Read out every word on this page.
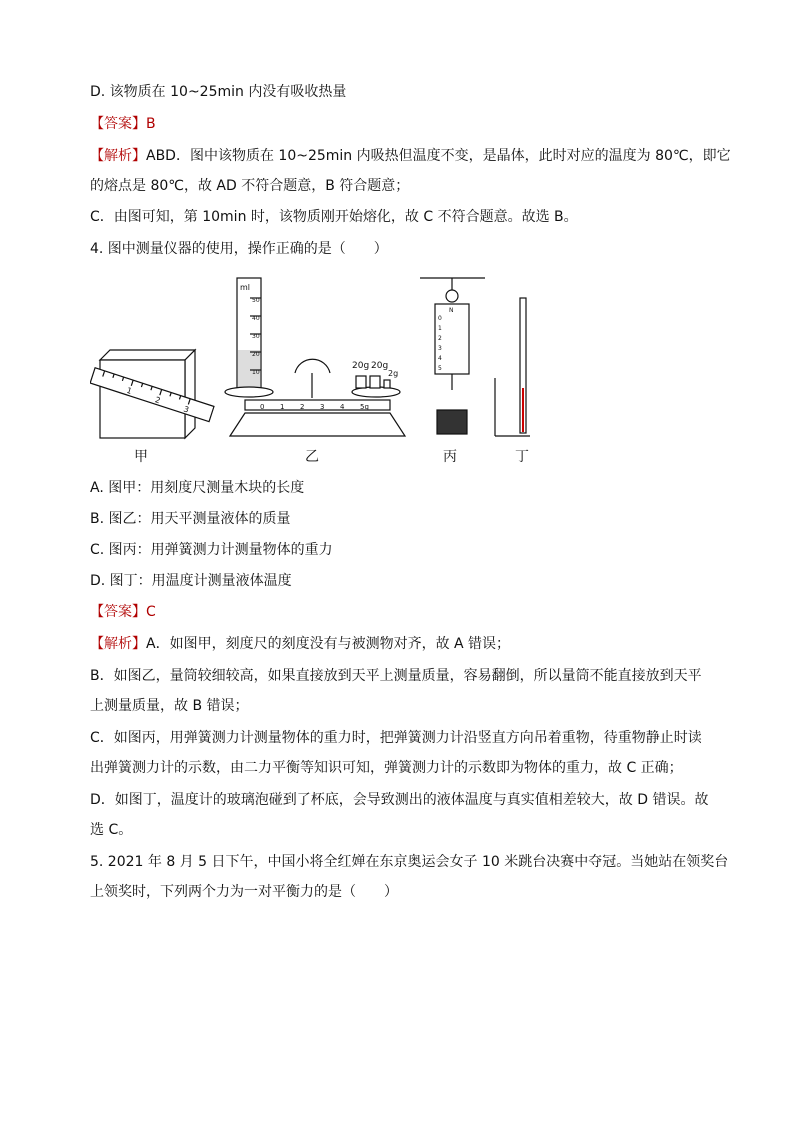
D. 该物质在 10~25min 内没有吸收热量
【答案】B
【解析】ABD．图中该物质在 10~25min 内吸热但温度不变，是晶体，此时对应的温度为 80℃，即它
的熔点是 80℃，故 AD 不符合题意，B 符合题意；
C．由图可知，第 10min 时，该物质刚开始熔化，故 C 不符合题意。故选 B。
4. 图中测量仪器的使用，操作正确的是（　　）
1
2
3
ml
50
40
30
20
10
20g 20g
2g
0 1 2 3 4 5g
N
0
1
2
3
4
5
甲	乙	丙	丁
A. 图甲：用刻度尺测量木块的长度
B. 图乙：用天平测量液体的质量
C. 图丙：用弹簧测力计测量物体的重力
D. 图丁：用温度计测量液体温度
【答案】C
【解析】A．如图甲，刻度尺的刻度没有与被测物对齐，故 A 错误；
B．如图乙，量筒较细较高，如果直接放到天平上测量质量，容易翻倒，所以量筒不能直接放到天平
上测量质量，故 B 错误；
C．如图丙，用弹簧测力计测量物体的重力时，把弹簧测力计沿竖直方向吊着重物，待重物静止时读
出弹簧测力计的示数，由二力平衡等知识可知，弹簧测力计的示数即为物体的重力，故 C 正确；
D．如图丁，温度计的玻璃泡碰到了杯底，会导致测出的液体温度与真实值相差较大，故 D 错误。故
选 C。
5. 2021 年 8 月 5 日下午，中国小将全红婵在东京奥运会女子 10 米跳台决赛中夺冠。当她站在领奖台
上领奖时，下列两个力为一对平衡力的是（　　）
